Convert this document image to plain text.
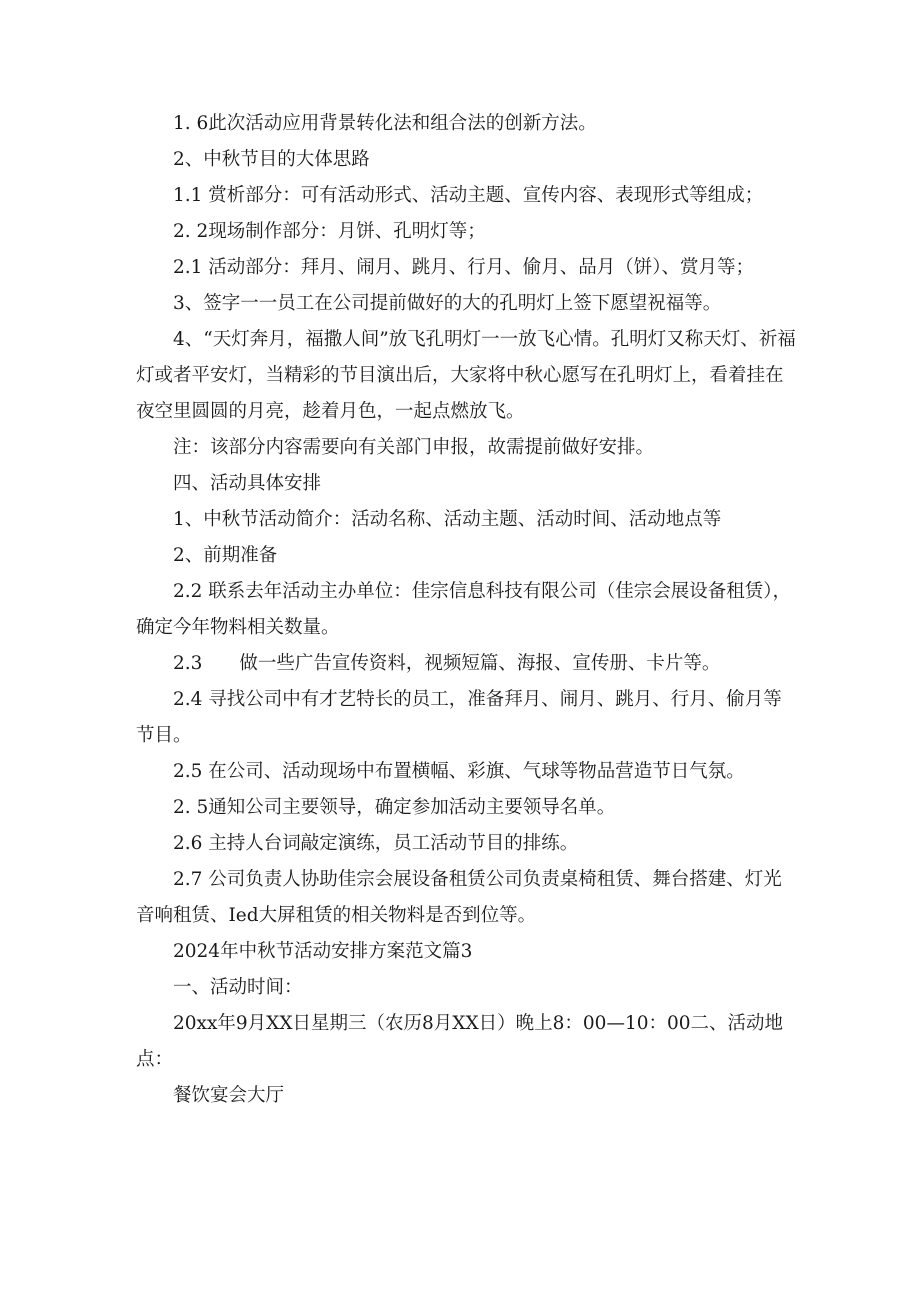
1. 6此次活动应用背景转化法和组合法的创新方法。

2、中秋节目的大体思路

1.1 赏析部分：可有活动形式、活动主题、宣传内容、表现形式等组成；

2. 2现场制作部分：月饼、孔明灯等；

2.1 活动部分：拜月、闹月、跳月、行月、偷月、品月（饼）、赏月等；

3、签字一一员工在公司提前做好的大的孔明灯上签下愿望祝福等。

4、“天灯奔月，福撒人间”放飞孔明灯一一放飞心情。孔明灯又称天灯、祈福灯或者平安灯，当精彩的节目演出后，大家将中秋心愿写在孔明灯上，看着挂在夜空里圆圆的月亮，趁着月色，一起点燃放飞。

注：该部分内容需要向有关部门申报，故需提前做好安排。

四、活动具体安排

1、中秋节活动简介：活动名称、活动主题、活动时间、活动地点等

2、前期准备

2.2 联系去年活动主办单位：佳宗信息科技有限公司（佳宗会展设备租赁），确定今年物料相关数量。

2.3　　做一些广告宣传资料，视频短篇、海报、宣传册、卡片等。

2.4 寻找公司中有才艺特长的员工，准备拜月、闹月、跳月、行月、偷月等节目。

2.5 在公司、活动现场中布置横幅、彩旗、气球等物品营造节日气氛。

2. 5通知公司主要领导，确定参加活动主要领导名单。

2.6 主持人台词敲定演练，员工活动节目的排练。

2.7 公司负责人协助佳宗会展设备租赁公司负责桌椅租赁、舞台搭建、灯光音响租赁、Ied大屏租赁的相关物料是否到位等。

2024年中秋节活动安排方案范文篇3

一、活动时间：

20xx年9月XX日星期三（农历8月XX日）晚上8：00—10：00二、活动地点：

餐饮宴会大厅
